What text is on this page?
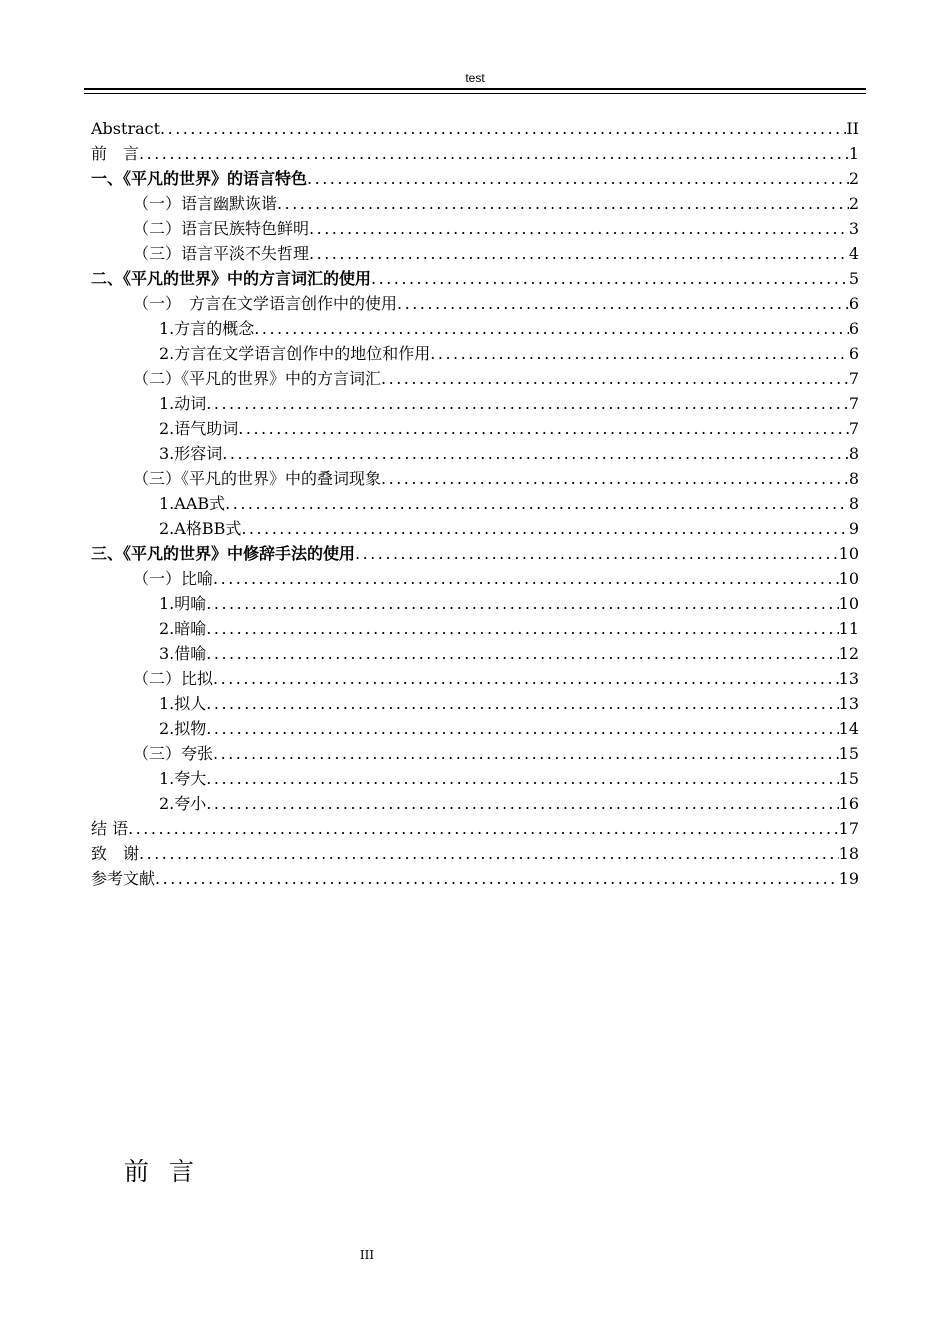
test
Abstract .....	II
前　言 .....	1
一、《平凡的世界》的语言特色 .....	2
（一）语言幽默诙谐 .....	2
（二）语言民族特色鲜明 .....	3
（三）语言平淡不失哲理 .....	4
二、《平凡的世界》中的方言词汇的使用 .....	5
（一）　方言在文学语言创作中的使用 .....	6
1.方言的概念 .....	6
2.方言在文学语言创作中的地位和作用 .....	6
（二）《平凡的世界》中的方言词汇 .....	7
1.动词 .....	7
2.语气助词 .....	7
3.形容词 .....	8
（三）《平凡的世界》中的叠词现象 .....	8
1.AAB式 .....	8
2.A格BB式 .....	9
三、《平凡的世界》中修辞手法的使用 .....	10
（一）比喻 .....	10
1.明喻 .....	10
2.暗喻 .....	11
3.借喻 .....	12
（二）比拟 .....	13
1.拟人 .....	13
2.拟物 .....	14
（三）夸张 .....	15
1.夸大 .....	15
2.夸小 .....	16
结 语 .....	17
致　谢 .....	18
参考文献 .....	19
前言
III
